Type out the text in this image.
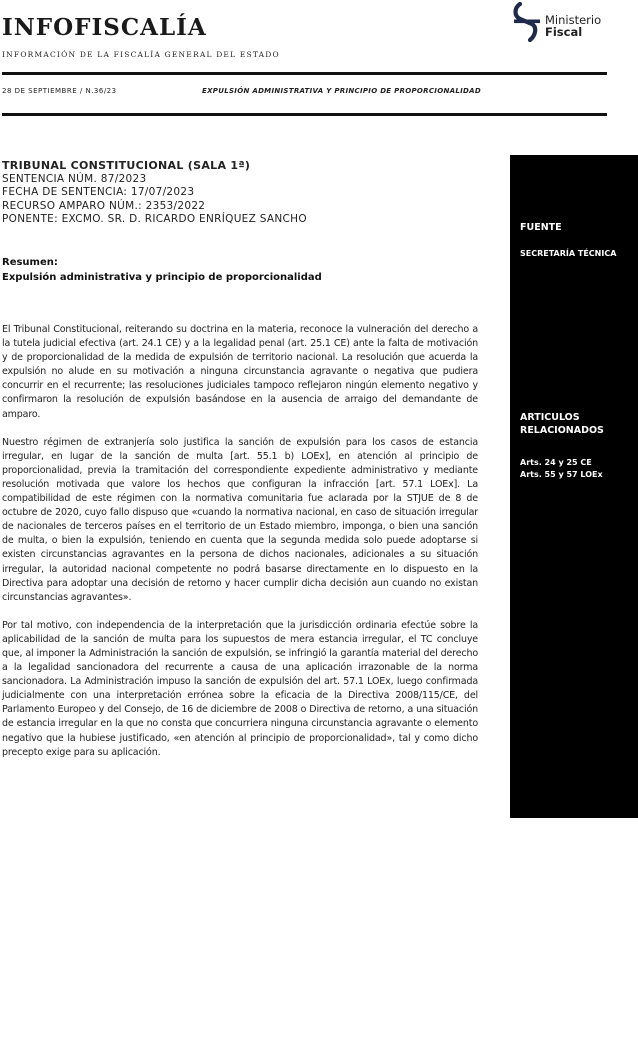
INFOFISCALÍA

INFORMACIÓN DE LA FISCALÍA GENERAL DEL ESTADO

Ministerio
Fiscal

28 DE SEPTIEMBRE / N.36/23	EXPULSIÓN ADMINISTRATIVA Y PRINCIPIO DE PROPORCIONALIDAD

TRIBUNAL CONSTITUCIONAL (SALA 1ª)
SENTENCIA NÚM. 87/2023
FECHA DE SENTENCIA: 17/07/2023
RECURSO AMPARO NÚM.: 2353/2022
PONENTE: EXCMO. SR. D. RICARDO ENRÍQUEZ SANCHO
Resumen:
Expulsión administrativa y principio de proporcionalidad

El Tribunal Constitucional, reiterando su doctrina en la materia, reconoce la vulneración del derecho a la tutela judicial efectiva (art. 24.1 CE) y a la legalidad penal (art. 25.1 CE) ante la falta de motivación y de proporcionalidad de la medida de expulsión de territorio nacional. La resolución que acuerda la expulsión no alude en su motivación a ninguna circunstancia agravante o negativa que pudiera concurrir en el recurrente; las resoluciones judiciales tampoco reflejaron ningún elemento negativo y confirmaron la resolución de expulsión basándose en la ausencia de arraigo del demandante de amparo.

Nuestro régimen de extranjería solo justifica la sanción de expulsión para los casos de estancia irregular, en lugar de la sanción de multa [art. 55.1 b) LOEx], en atención al principio de proporcionalidad, previa la tramitación del correspondiente expediente administrativo y mediante resolución motivada que valore los hechos que configuran la infracción [art. 57.1 LOEx]. La compatibilidad de este régimen con la normativa comunitaria fue aclarada por la STJUE de 8 de octubre de 2020, cuyo fallo dispuso que «cuando la normativa nacional, en caso de situación irregular de nacionales de terceros países en el territorio de un Estado miembro, imponga, o bien una sanción de multa, o bien la expulsión, teniendo en cuenta que la segunda medida solo puede adoptarse si existen circunstancias agravantes en la persona de dichos nacionales, adicionales a su situación irregular, la autoridad nacional competente no podrá basarse directamente en lo dispuesto en la Directiva para adoptar una decisión de retorno y hacer cumplir dicha decisión aun cuando no existan circunstancias agravantes».

Por tal motivo, con independencia de la interpretación que la jurisdicción ordinaria efectúe sobre la aplicabilidad de la sanción de multa para los supuestos de mera estancia irregular, el TC concluye que, al imponer la Administración la sanción de expulsión, se infringió la garantía material del derecho a la legalidad sancionadora del recurrente a causa de una aplicación irrazonable de la norma sancionadora. La Administración impuso la sanción de expulsión del art. 57.1 LOEx, luego confirmada judicialmente con una interpretación errónea sobre la eficacia de la Directiva 2008/115/CE, del Parlamento Europeo y del Consejo, de 16 de diciembre de 2008 o Directiva de retorno, a una situación de estancia irregular en la que no consta que concurriera ninguna circunstancia agravante o elemento negativo que la hubiese justificado, «en atención al principio de proporcionalidad», tal y como dicho precepto exige para su aplicación.

FUENTE
SECRETARÍA TÉCNICA
ARTICULOS
RELACIONADOS
Arts. 24 y 25 CE
Arts. 55 y 57 LOEx
